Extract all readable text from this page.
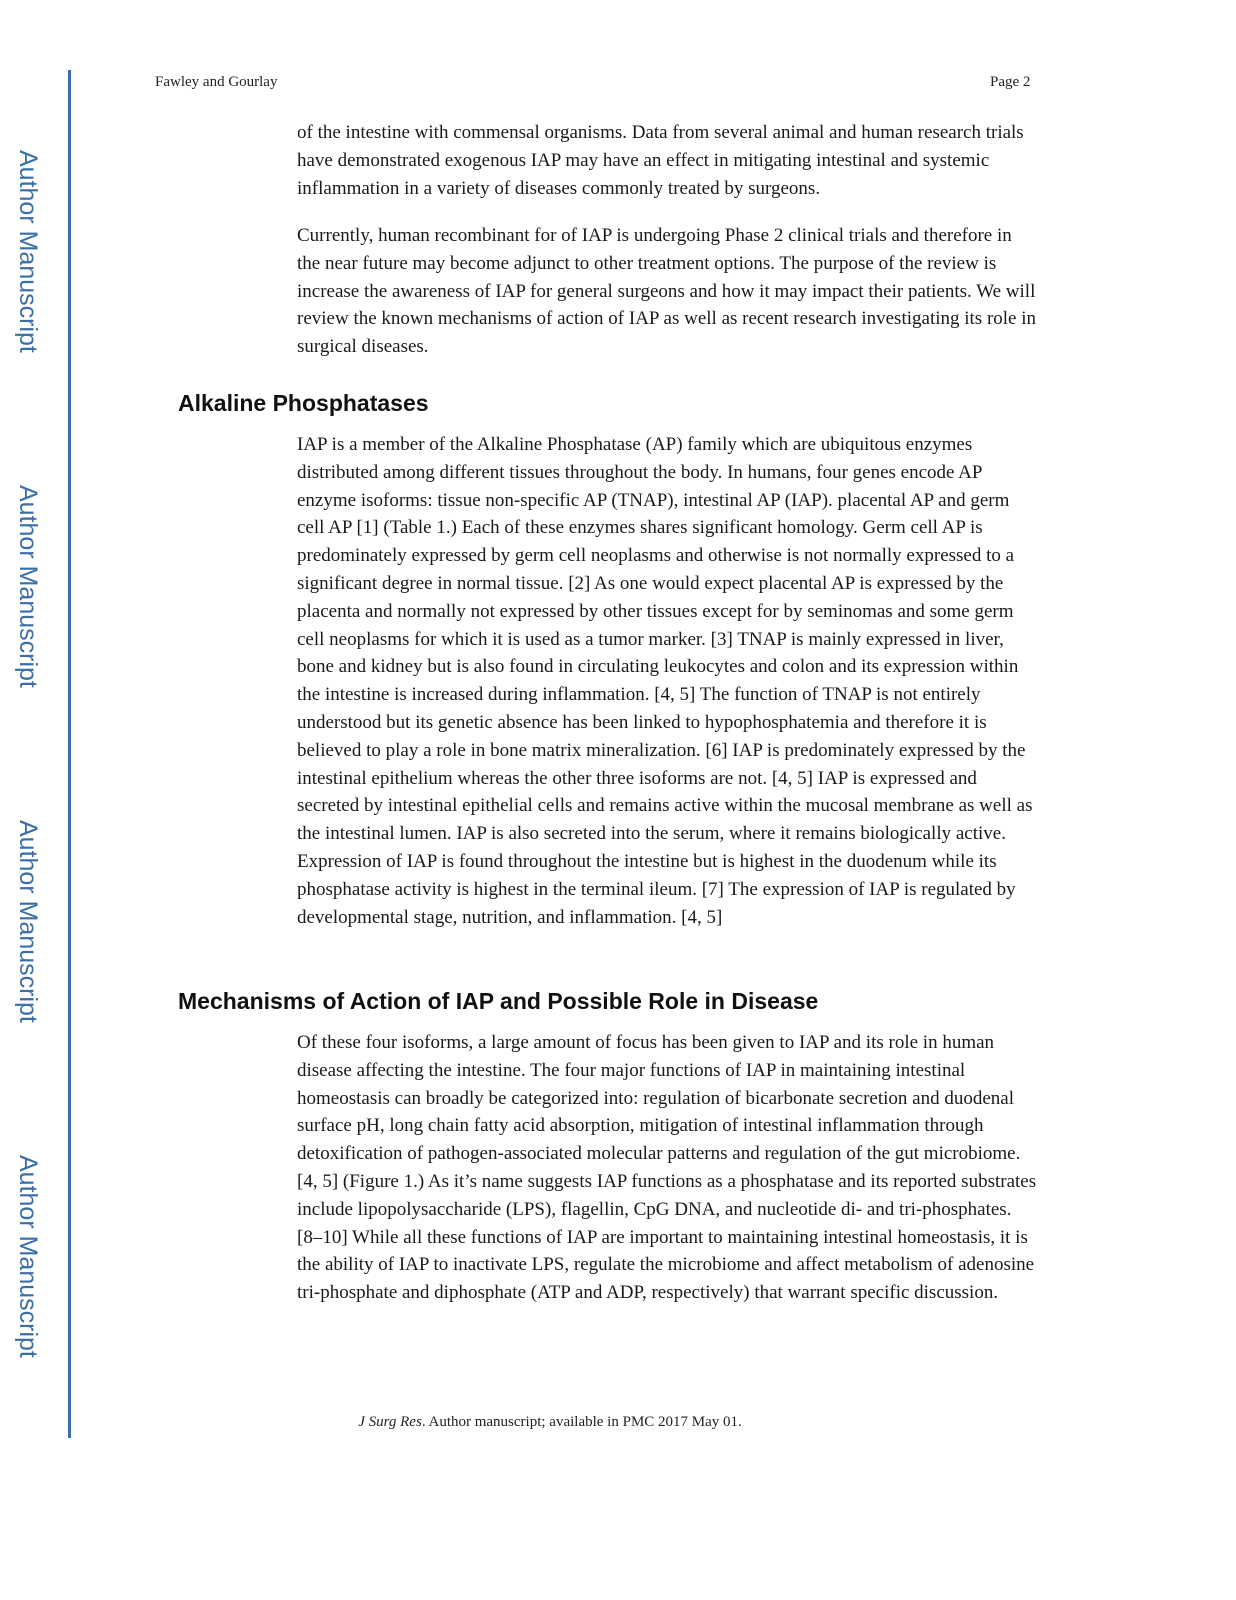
Author Manuscript
Author Manuscript
Author Manuscript
Author Manuscript
Fawley and Gourlay	Page 2

of the intestine with commensal organisms. Data from several animal and human research trials have demonstrated exogenous IAP may have an effect in mitigating intestinal and systemic inflammation in a variety of diseases commonly treated by surgeons.

Currently, human recombinant for of IAP is undergoing Phase 2 clinical trials and therefore in the near future may become adjunct to other treatment options. The purpose of the review is increase the awareness of IAP for general surgeons and how it may impact their patients. We will review the known mechanisms of action of IAP as well as recent research investigating its role in surgical diseases.

Alkaline Phosphatases

IAP is a member of the Alkaline Phosphatase (AP) family which are ubiquitous enzymes distributed among different tissues throughout the body. In humans, four genes encode AP enzyme isoforms: tissue non-specific AP (TNAP), intestinal AP (IAP). placental AP and germ cell AP [1] (Table 1.) Each of these enzymes shares significant homology. Germ cell AP is predominately expressed by germ cell neoplasms and otherwise is not normally expressed to a significant degree in normal tissue. [2] As one would expect placental AP is expressed by the placenta and normally not expressed by other tissues except for by seminomas and some germ cell neoplasms for which it is used as a tumor marker. [3] TNAP is mainly expressed in liver, bone and kidney but is also found in circulating leukocytes and colon and its expression within the intestine is increased during inflammation. [4, 5] The function of TNAP is not entirely understood but its genetic absence has been linked to hypophosphatemia and therefore it is believed to play a role in bone matrix mineralization. [6] IAP is predominately expressed by the intestinal epithelium whereas the other three isoforms are not. [4, 5] IAP is expressed and secreted by intestinal epithelial cells and remains active within the mucosal membrane as well as the intestinal lumen. IAP is also secreted into the serum, where it remains biologically active. Expression of IAP is found throughout the intestine but is highest in the duodenum while its phosphatase activity is highest in the terminal ileum. [7] The expression of IAP is regulated by developmental stage, nutrition, and inflammation. [4, 5]

Mechanisms of Action of IAP and Possible Role in Disease

Of these four isoforms, a large amount of focus has been given to IAP and its role in human disease affecting the intestine. The four major functions of IAP in maintaining intestinal homeostasis can broadly be categorized into: regulation of bicarbonate secretion and duodenal surface pH, long chain fatty acid absorption, mitigation of intestinal inflammation through detoxification of pathogen-associated molecular patterns and regulation of the gut microbiome. [4, 5] (Figure 1.) As it’s name suggests IAP functions as a phosphatase and its reported substrates include lipopolysaccharide (LPS), flagellin, CpG DNA, and nucleotide di- and tri-phosphates. [8–10] While all these functions of IAP are important to maintaining intestinal homeostasis, it is the ability of IAP to inactivate LPS, regulate the microbiome and affect metabolism of adenosine tri-phosphate and diphosphate (ATP and ADP, respectively) that warrant specific discussion.

J Surg Res. Author manuscript; available in PMC 2017 May 01.
